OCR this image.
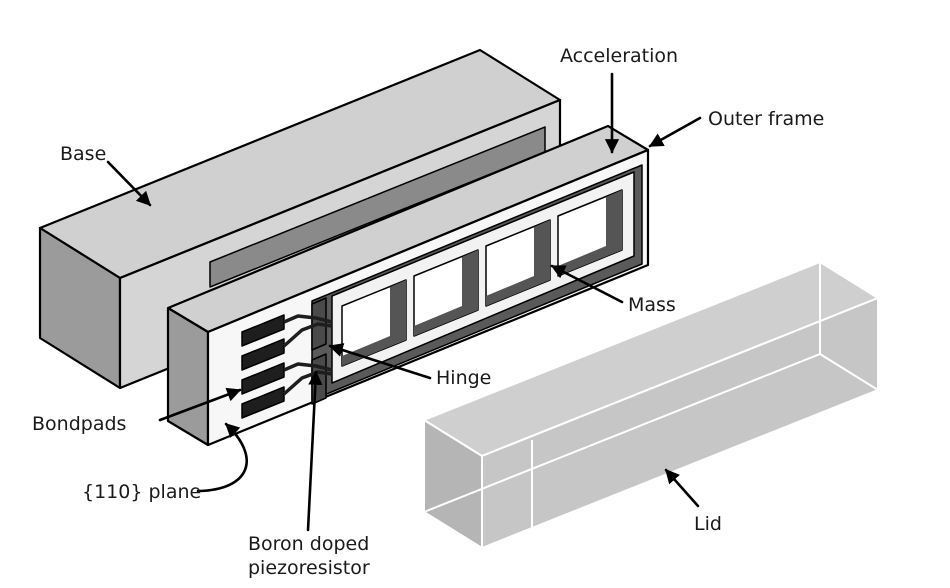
Acceleration
Outer frame
Base
Mass
Hinge
Bondpads
{110} plane
Boron doped
piezoresistor
Lid
